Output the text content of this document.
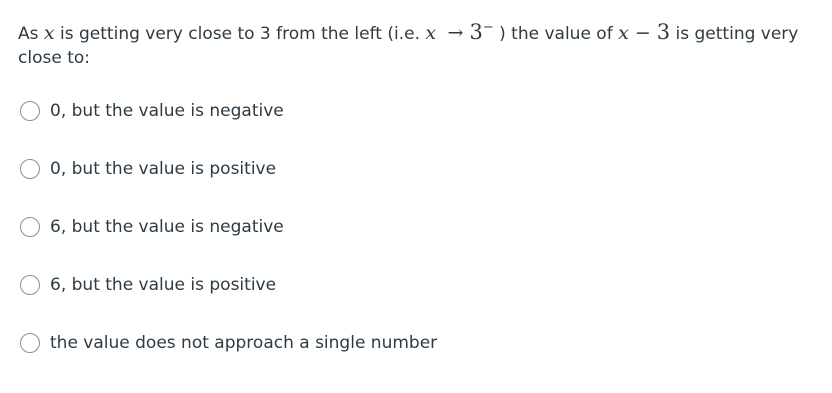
As 𝑥 is getting very close to 3 from the left (i.e. 𝑥 → 3− ) the value of 𝑥 − 3 is getting very close to:
0, but the value is negative
0, but the value is positive
6, but the value is negative
6, but the value is positive
the value does not approach a single number
